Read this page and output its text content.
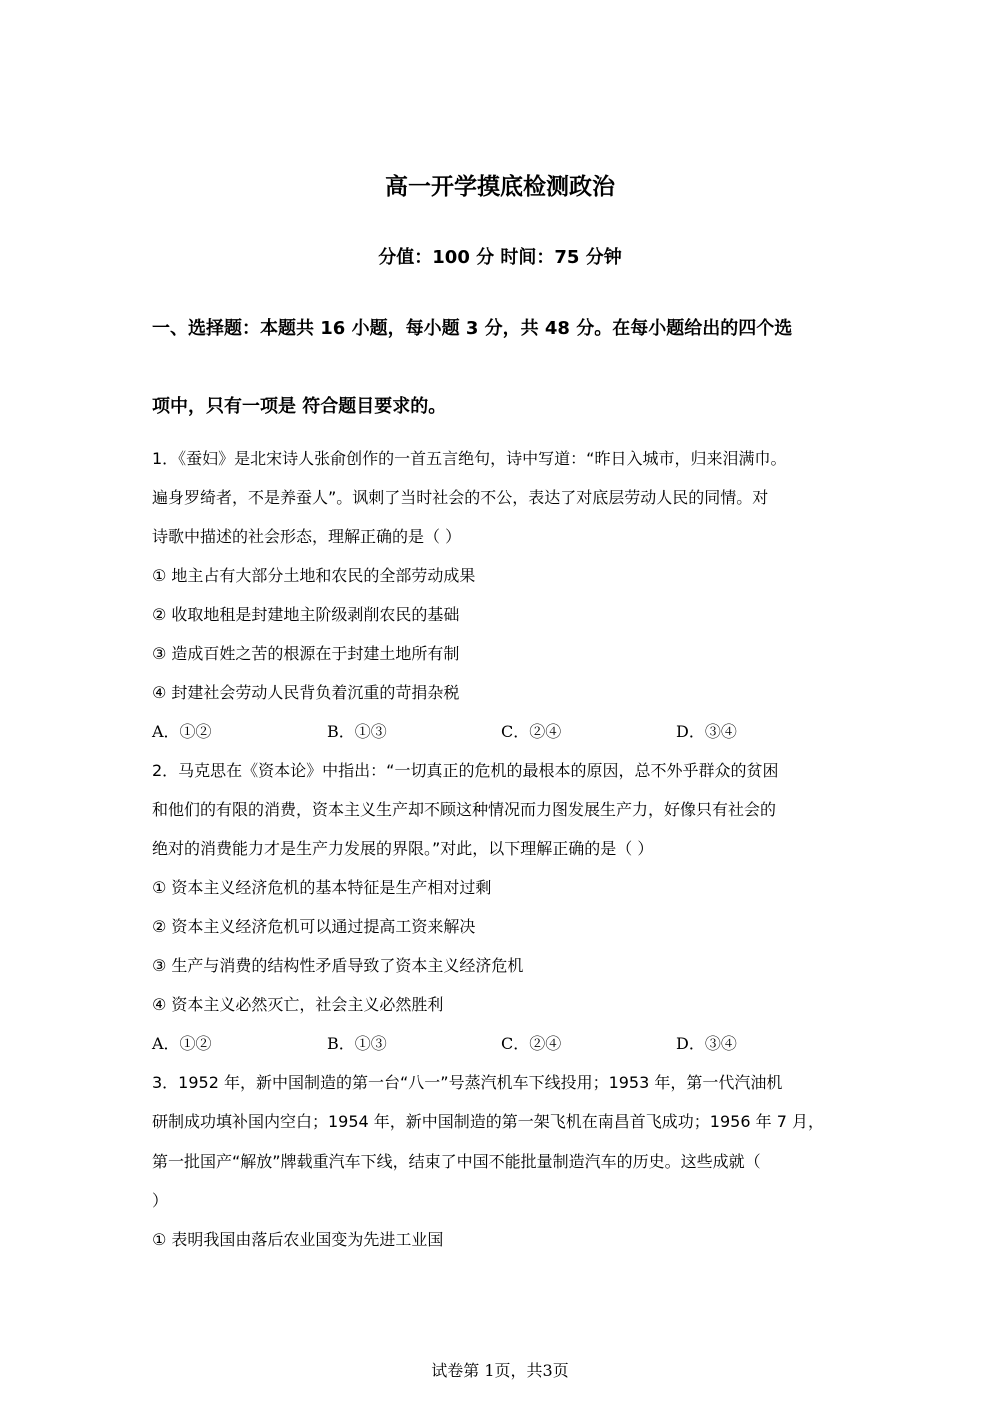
高一开学摸底检测政治
分值：100 分 时间：75 分钟
一、选择题：本题共 16 小题，每小题 3 分，共 48 分。在每小题给出的四个选
项中，只有一项是 符合题目要求的。
1．《蚕妇》是北宋诗人张俞创作的一首五言绝句，诗中写道：“昨日入城市，归来泪满巾。
遍身罗绮者，不是养蚕人”。讽刺了当时社会的不公，表达了对底层劳动人民的同情。对
诗歌中描述的社会形态，理解正确的是（ ）
① 地主占有大部分土地和农民的全部劳动成果
② 收取地租是封建地主阶级剥削农民的基础
③ 造成百姓之苦的根源在于封建土地所有制
④ 封建社会劳动人民背负着沉重的苛捐杂税
A．①②	B．①③	C．②④	D．③④
2．马克思在《资本论》中指出：“一切真正的危机的最根本的原因，总不外乎群众的贫困
和他们的有限的消费，资本主义生产却不顾这种情况而力图发展生产力，好像只有社会的
绝对的消费能力才是生产力发展的界限。”对此，以下理解正确的是（ ）
① 资本主义经济危机的基本特征是生产相对过剩
② 资本主义经济危机可以通过提高工资来解决
③ 生产与消费的结构性矛盾导致了资本主义经济危机
④ 资本主义必然灭亡，社会主义必然胜利
A．①②	B．①③	C．②④	D．③④
3．1952 年，新中国制造的第一台“八一”号蒸汽机车下线投用；1953 年，第一代汽油机
研制成功填补国内空白；1954 年，新中国制造的第一架飞机在南昌首飞成功；1956 年 7 月，
第一批国产“解放”牌载重汽车下线，结束了中国不能批量制造汽车的历史。这些成就（
）
① 表明我国由落后农业国变为先进工业国
试卷第 1页，共3页
